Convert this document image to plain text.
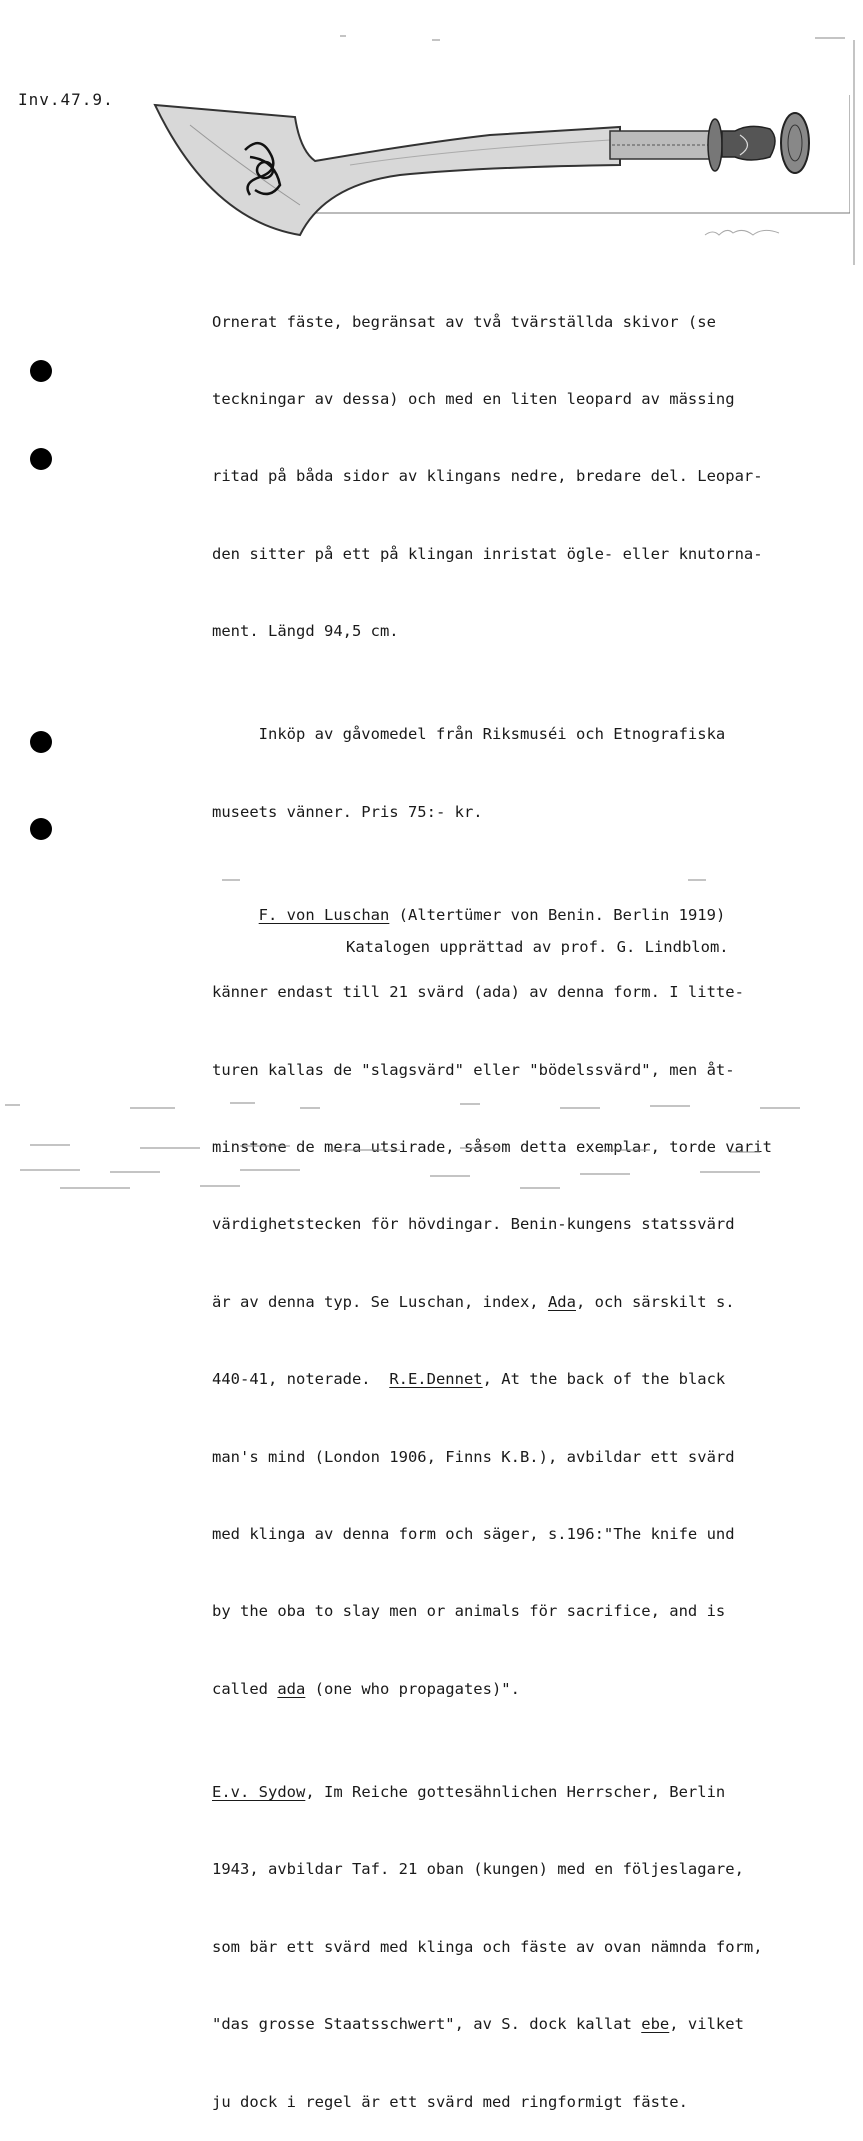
Inv.47.9.

Ornerat fäste, begränsat av två tvärställda skivor (se

teckningar av dessa) och med en liten leopard av mässing

ritad på båda sidor av klingans nedre, bredare del. Leopar-

den sitter på ett på klingan inristat ögle- eller knutorna-

ment. Längd 94,5 cm.

Inköp av gåvomedel från Riksmuséi och Etnografiska

museets vänner. Pris 75:- kr.

F. von Luschan (Altertümer von Benin. Berlin 1919)

känner endast till 21 svärd (ada) av denna form. I litte-

turen kallas de "slagsvärd" eller "bödelssvärd", men åt-

minstone de mera utsirade, såsom detta exemplar, torde varit

värdighetstecken för hövdingar. Benin-kungens statssvärd

är av denna typ. Se Luschan, index, Ada, och särskilt s.

440-41, noterade.  R.E.Dennet, At the back of the black

man's mind (London 1906, Finns K.B.), avbildar ett svärd

med klinga av denna form och säger, s.196:"The knife und

by the oba to slay men or animals för sacrifice, and is

called ada (one who propagates)".

E.v. Sydow, Im Reiche gottesähnlichen Herrscher, Berlin

1943, avbildar Taf. 21 oban (kungen) med en följeslagare,

som bär ett svärd med klinga och fäste av ovan nämnda form,

"das grosse Staatsschwert", av S. dock kallat ebe, vilket

ju dock i regel är ett svärd med ringformigt fäste.

Katalogen upprättad av prof. G. Lindblom.
